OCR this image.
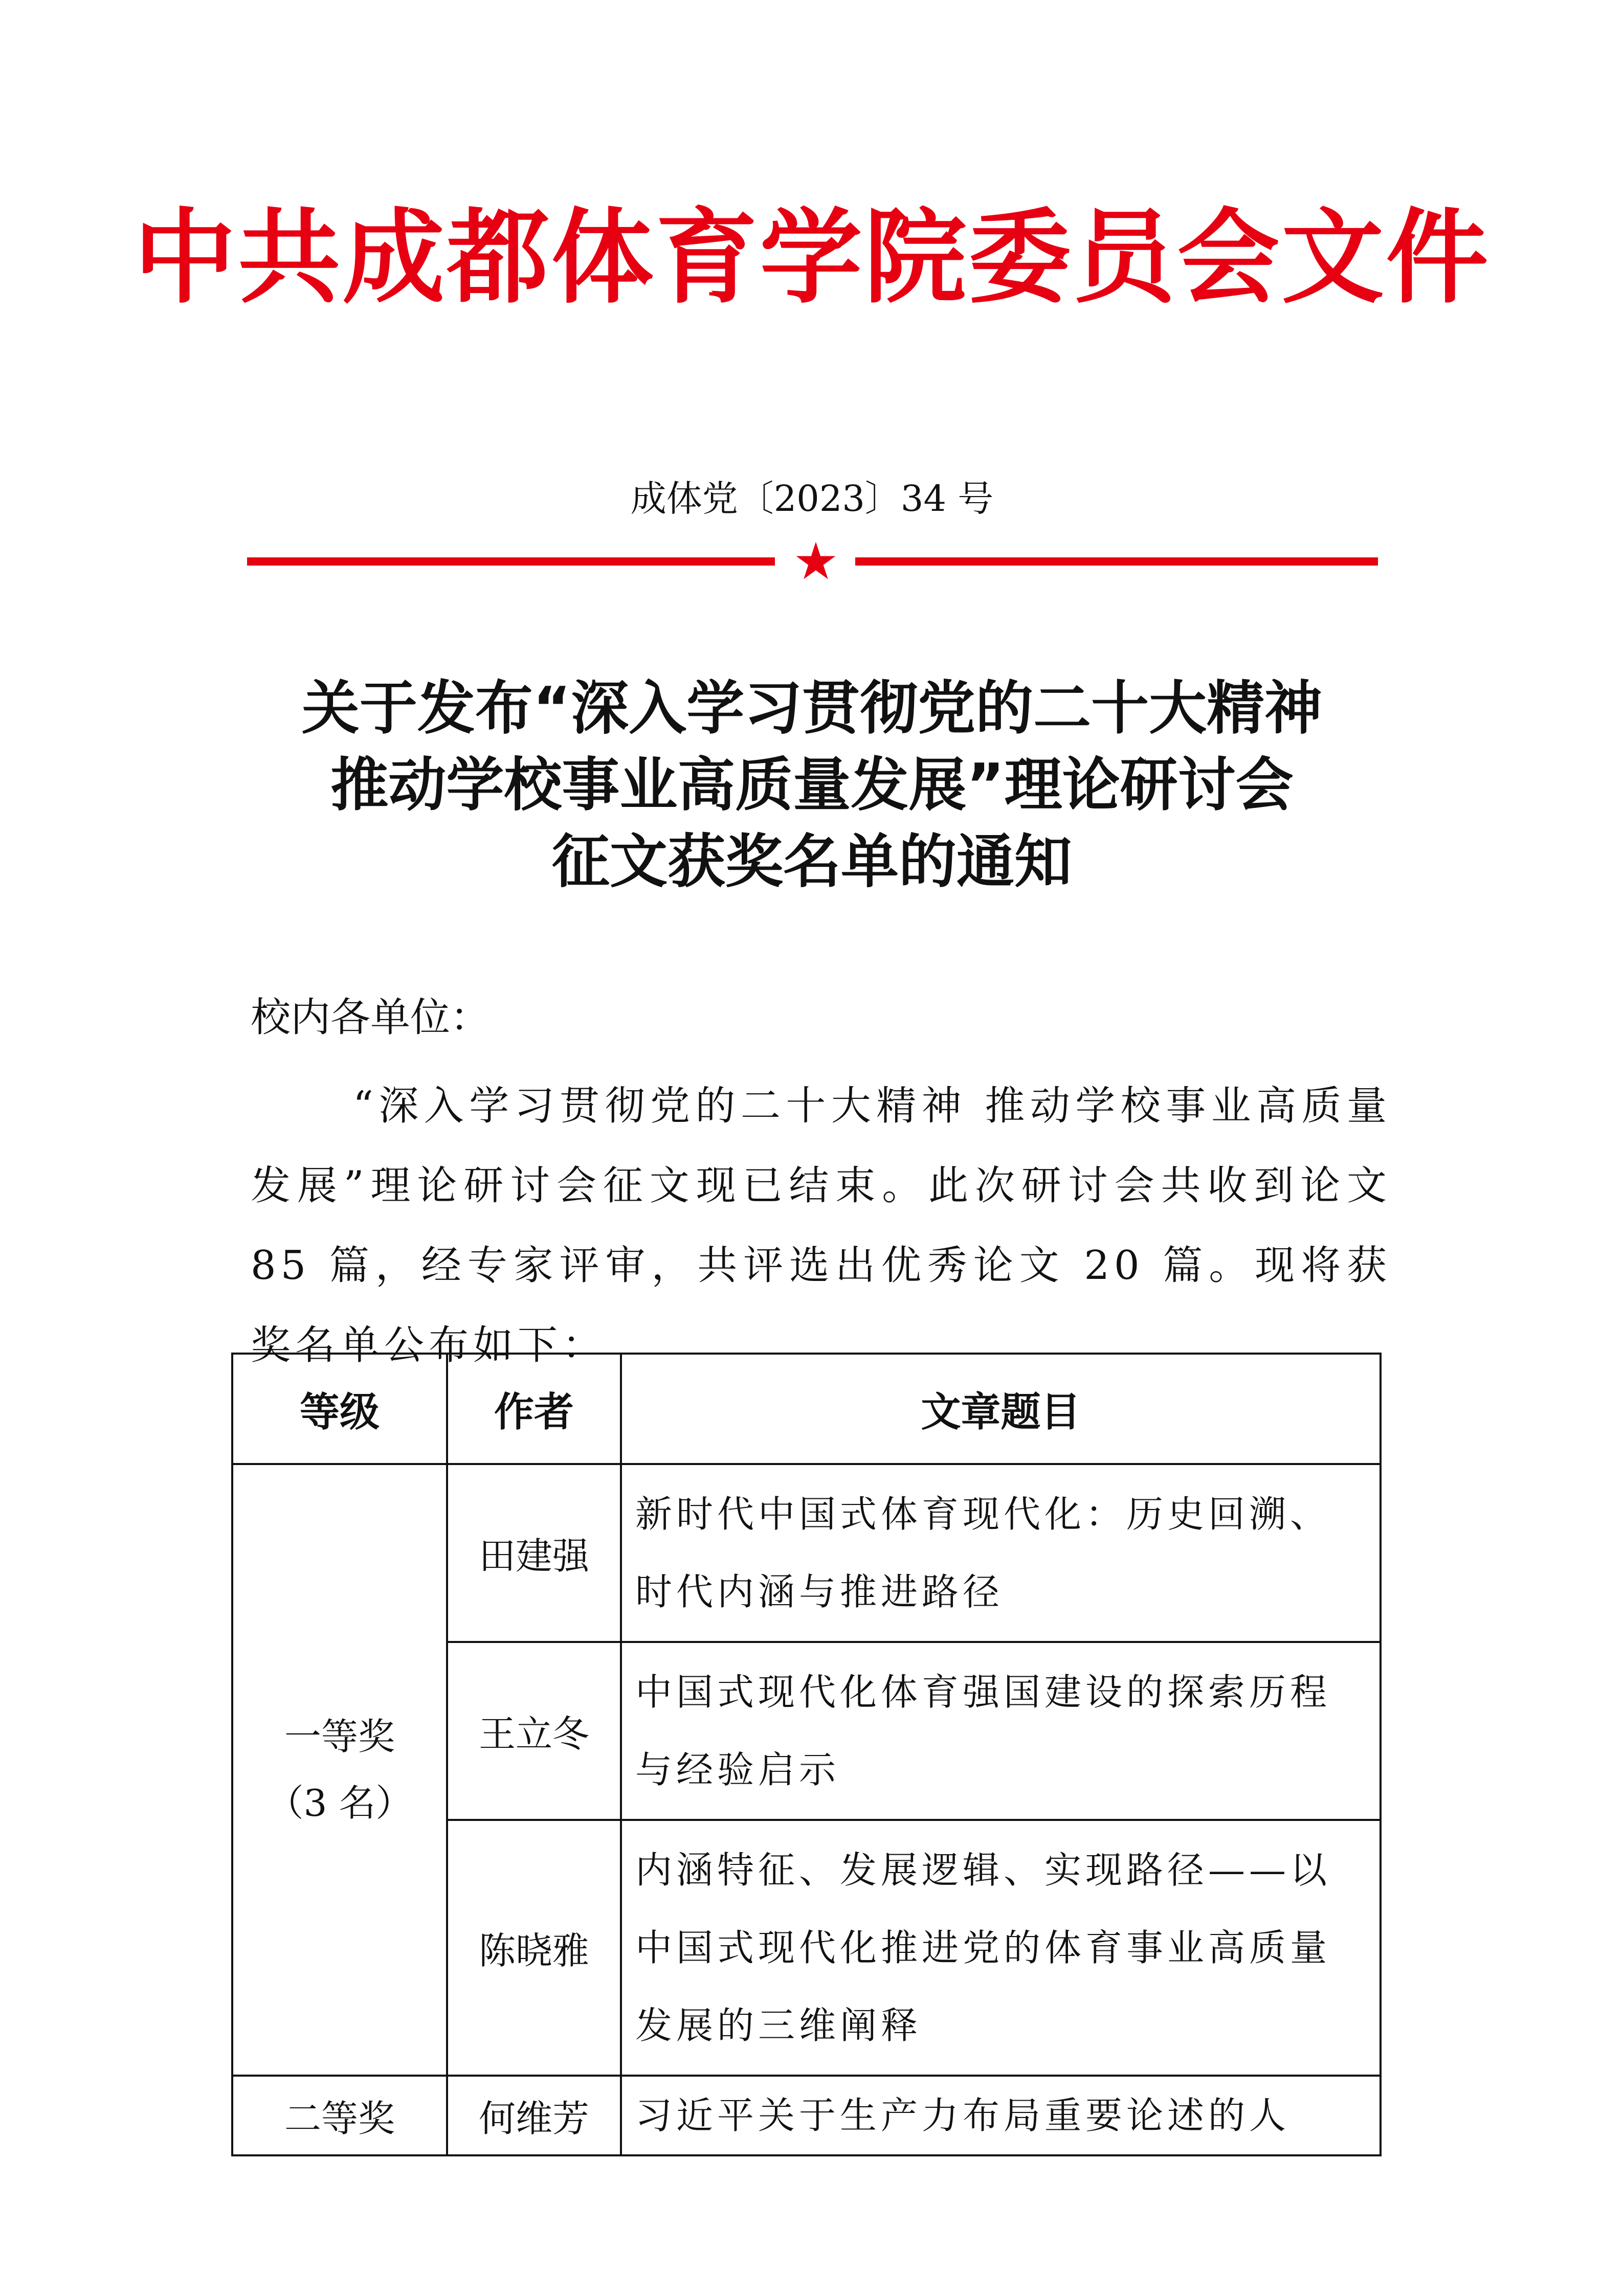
中共成都体育学院委员会文件
成体党〔2023〕34 号
★
关于发布“深入学习贯彻党的二十大精神
推动学校事业高质量发展”理论研讨会
征文获奖名单的通知
校内各单位：
“深入学习贯彻党的二十大精神 推动学校事业高质量发展”理论研讨会征文现已结束。此次研讨会共收到论文 85 篇，经专家评审，共评选出优秀论文 20 篇。现将获奖名单公布如下：
等级	作者	文章题目

一等奖
（3 名）	田建强	新时代中国式体育现代化：历史回溯、时代内涵与推进路径
	王立冬	中国式现代化体育强国建设的探索历程与经验启示
	陈晓雅	内涵特征、发展逻辑、实现路径——以中国式现代化推进党的体育事业高质量发展的三维阐释
二等奖	何维芳	习近平关于生产力布局重要论述的人
